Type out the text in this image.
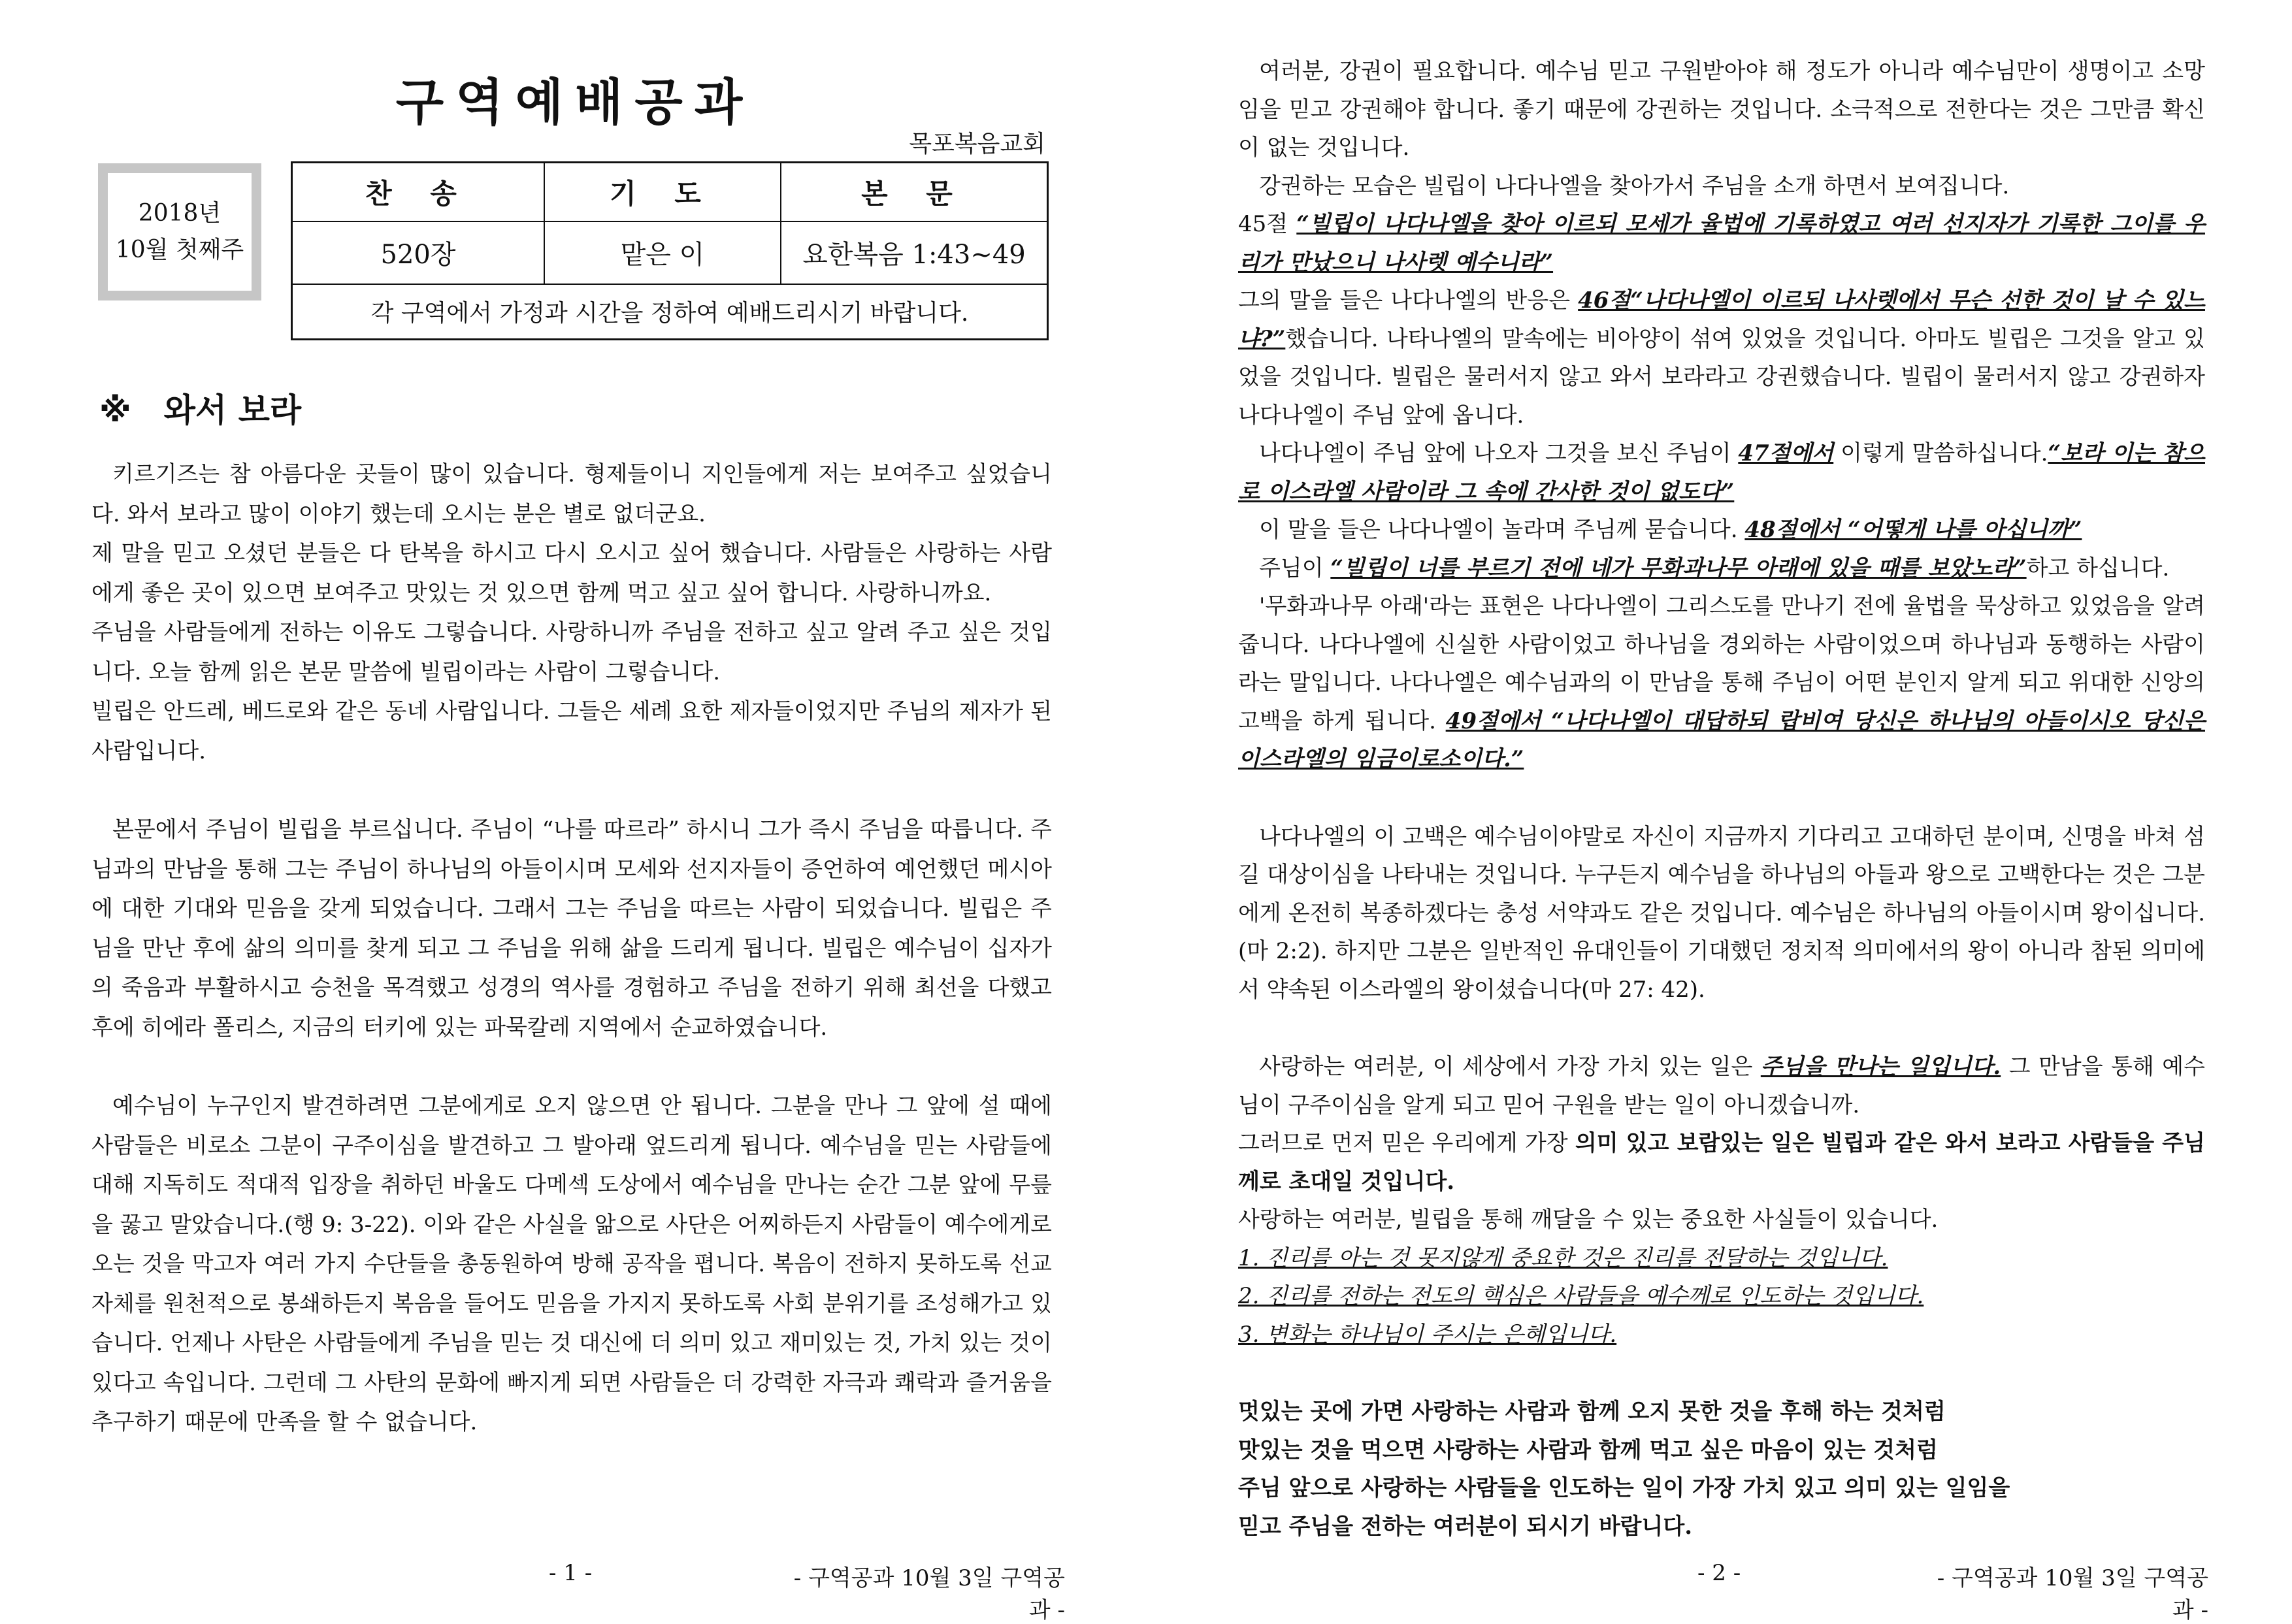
구역예배공과
목포복음교회
2018년
10월 첫째주
찬 송	기 도	본 문
520장	맡은 이	요한복음 1:43~49
각 구역에서 가정과 시간을 정하여 예배드리시기 바랍니다.
※ 와서 보라

키르기즈는 참 아름다운 곳들이 많이 있습니다. 형제들이니 지인들에게 저는 보여주고 싶었습니다. 와서 보라고 많이 이야기 했는데 오시는 분은 별로 없더군요.

제 말을 믿고 오셨던 분들은 다 탄복을 하시고 다시 오시고 싶어 했습니다. 사람들은 사랑하는 사람에게 좋은 곳이 있으면 보여주고 맛있는 것 있으면 함께 먹고 싶고 싶어 합니다. 사랑하니까요.

주님을 사람들에게 전하는 이유도 그렇습니다. 사랑하니까 주님을 전하고 싶고 알려 주고 싶은 것입니다. 오늘 함께 읽은 본문 말씀에 빌립이라는 사람이 그렇습니다.

빌립은 안드레, 베드로와 같은 동네 사람입니다. 그들은 세례 요한 제자들이었지만 주님의 제자가 된 사람입니다.

본문에서 주님이 빌립을 부르십니다. 주님이 “나를 따르라” 하시니 그가 즉시 주님을 따릅니다. 주님과의 만남을 통해 그는 주님이 하나님의 아들이시며 모세와 선지자들이 증언하여 예언했던 메시아에 대한 기대와 믿음을 갖게 되었습니다. 그래서 그는 주님을 따르는 사람이 되었습니다. 빌립은 주님을 만난 후에 삶의 의미를 찾게 되고 그 주님을 위해 삶을 드리게 됩니다. 빌립은 예수님이 십자가의 죽음과 부활하시고 승천을 목격했고 성경의 역사를 경험하고 주님을 전하기 위해 최선을 다했고 후에 히에라 폴리스, 지금의 터키에 있는 파묵칼레 지역에서 순교하였습니다.

예수님이 누구인지 발견하려면 그분에게로 오지 않으면 안 됩니다. 그분을 만나 그 앞에 설 때에 사람들은 비로소 그분이 구주이심을 발견하고 그 발아래 엎드리게 됩니다. 예수님을 믿는 사람들에 대해 지독히도 적대적 입장을 취하던 바울도 다메섹 도상에서 예수님을 만나는 순간 그분 앞에 무릎을 꿇고 말았습니다.(행 9: 3-22). 이와 같은 사실을 앎으로 사단은 어찌하든지 사람들이 예수에게로 오는 것을 막고자 여러 가지 수단들을 총동원하여 방해 공작을 폅니다. 복음이 전하지 못하도록 선교 자체를 원천적으로 봉쇄하든지 복음을 들어도 믿음을 가지지 못하도록 사회 분위기를 조성해가고 있습니다. 언제나 사탄은 사람들에게 주님을 믿는 것 대신에 더 의미 있고 재미있는 것, 가치 있는 것이 있다고 속입니다. 그런데 그 사탄의 문화에 빠지게 되면 사람들은 더 강력한 자극과 쾌락과 즐거움을 추구하기 때문에 만족을 할 수 없습니다.

- 1 -	- 구역공과 10월 3일 구역공과 -

여러분, 강권이 필요합니다. 예수님 믿고 구원받아야 해 정도가 아니라 예수님만이 생명이고 소망임을 믿고 강권해야 합니다. 좋기 때문에 강권하는 것입니다. 소극적으로 전한다는 것은 그만큼 확신이 없는 것입니다.

강권하는 모습은 빌립이 나다나엘을 찾아가서 주님을 소개 하면서 보여집니다.

45절 “빌립이 나다나엘을 찾아 이르되 모세가 율법에 기록하였고 여러 선지자가 기록한 그이를 우리가 만났으니 나사렛 예수니라”

그의 말을 들은 나다나엘의 반응은 46절“나다나엘이 이르되 나사렛에서 무슨 선한 것이 날 수 있느냐?”했습니다. 나타나엘의 말속에는 비아양이 섞여 있었을 것입니다. 아마도 빌립은 그것을 알고 있었을 것입니다. 빌립은 물러서지 않고 와서 보라라고 강권했습니다. 빌립이 물러서지 않고 강권하자 나다나엘이 주님 앞에 옵니다.

나다나엘이 주님 앞에 나오자 그것을 보신 주님이 47절에서 이렇게 말씀하십니다.“보라 이는 참으로 이스라엘 사람이라 그 속에 간사한 것이 없도다”

이 말을 들은 나다나엘이 놀라며 주님께 묻습니다. 48절에서 “어떻게 나를 아십니까”

주님이 “빌립이 너를 부르기 전에 네가 무화과나무 아래에 있을 때를 보았노라”하고 하십니다.

'무화과나무 아래'라는 표현은 나다나엘이 그리스도를 만나기 전에 율법을 묵상하고 있었음을 알려줍니다. 나다나엘에 신실한 사람이었고 하나님을 경외하는 사람이었으며 하나님과 동행하는 사람이라는 말입니다. 나다나엘은 예수님과의 이 만남을 통해 주님이 어떤 분인지 알게 되고 위대한 신앙의 고백을 하게 됩니다. 49절에서 “나다나엘이 대답하되 랍비여 당신은 하나님의 아들이시오 당신은 이스라엘의 임금이로소이다.”

나다나엘의 이 고백은 예수님이야말로 자신이 지금까지 기다리고 고대하던 분이며, 신명을 바쳐 섬길 대상이심을 나타내는 것입니다. 누구든지 예수님을 하나님의 아들과 왕으로 고백한다는 것은 그분에게 온전히 복종하겠다는 충성 서약과도 같은 것입니다. 예수님은 하나님의 아들이시며 왕이십니다.(마 2:2). 하지만 그분은 일반적인 유대인들이 기대했던 정치적 의미에서의 왕이 아니라 참된 의미에서 약속된 이스라엘의 왕이셨습니다(마 27: 42).

사랑하는 여러분, 이 세상에서 가장 가치 있는 일은 주님을 만나는 일입니다. 그 만남을 통해 예수님이 구주이심을 알게 되고 믿어 구원을 받는 일이 아니겠습니까.

그러므로 먼저 믿은 우리에게 가장 의미 있고 보람있는 일은 빌립과 같은 와서 보라고 사람들을 주님께로 초대일 것입니다.

사랑하는 여러분, 빌립을 통해 깨달을 수 있는 중요한 사실들이 있습니다.

1. 진리를 아는 것 못지않게 중요한 것은 진리를 전달하는 것입니다.

2. 진리를 전하는 전도의 핵심은 사람들을 예수께로 인도하는 것입니다.

3. 변화는 하나님이 주시는 은혜입니다.

멋있는 곳에 가면 사랑하는 사람과 함께 오지 못한 것을 후해 하는 것처럼

맛있는 것을 먹으면 사랑하는 사람과 함께 먹고 싶은 마음이 있는 것처럼

주님 앞으로 사랑하는 사람들을 인도하는 일이 가장 가치 있고 의미 있는 일임을

믿고 주님을 전하는 여러분이 되시기 바랍니다.

- 2 -	- 구역공과 10월 3일 구역공과 -
